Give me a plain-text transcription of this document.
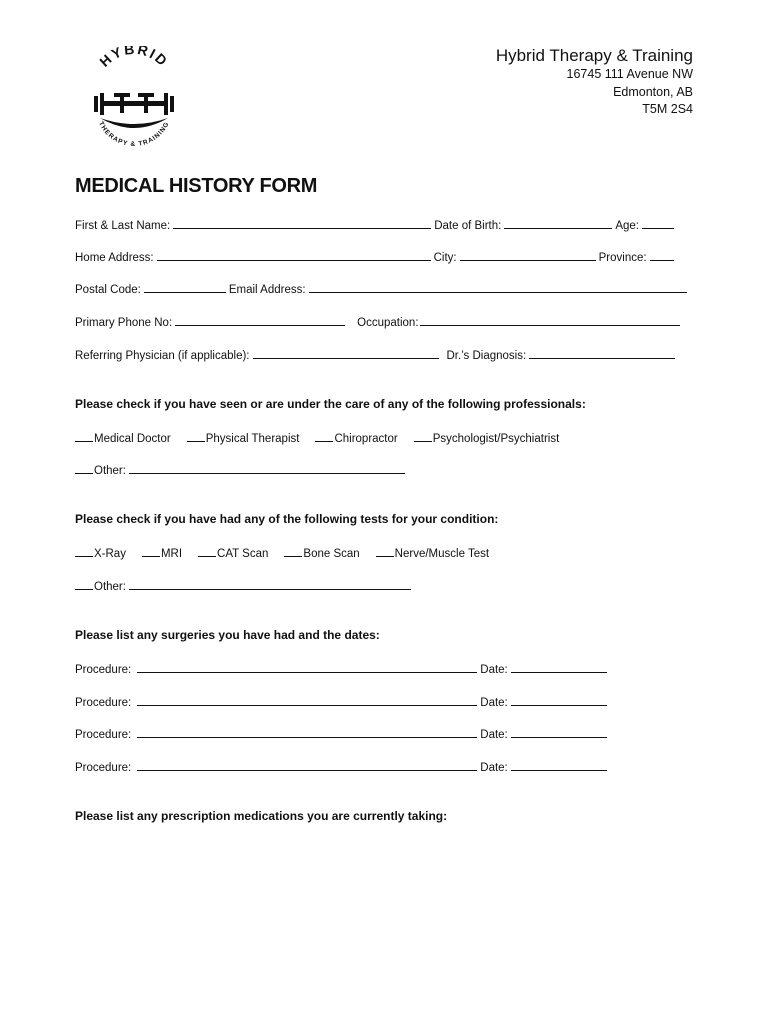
HYBRID
THERAPY & TRAINING
Hybrid Therapy & Training
16745 111 Avenue NW
Edmonton, AB
T5M 2S4
MEDICAL HISTORY FORM
First & Last Name:	Date of Birth:	Age:
Home Address:	City:	Province:
Postal Code:	Email Address:
Primary Phone No:	Occupation:
Referring Physician (if applicable):	Dr.’s Diagnosis:
Please check if you have seen or are under the care of any of the following professionals:
Medical Doctor	Physical Therapist	Chiropractor	Psychologist/Psychiatrist
Other:
Please check if you have had any of the following tests for your condition:
X-Ray	MRI	CAT Scan	Bone Scan	Nerve/Muscle Test
Other:
Please list any surgeries you have had and the dates:
Procedure:	Date:
Procedure:	Date:
Procedure:	Date:
Procedure:	Date:
Please list any prescription medications you are currently taking:
